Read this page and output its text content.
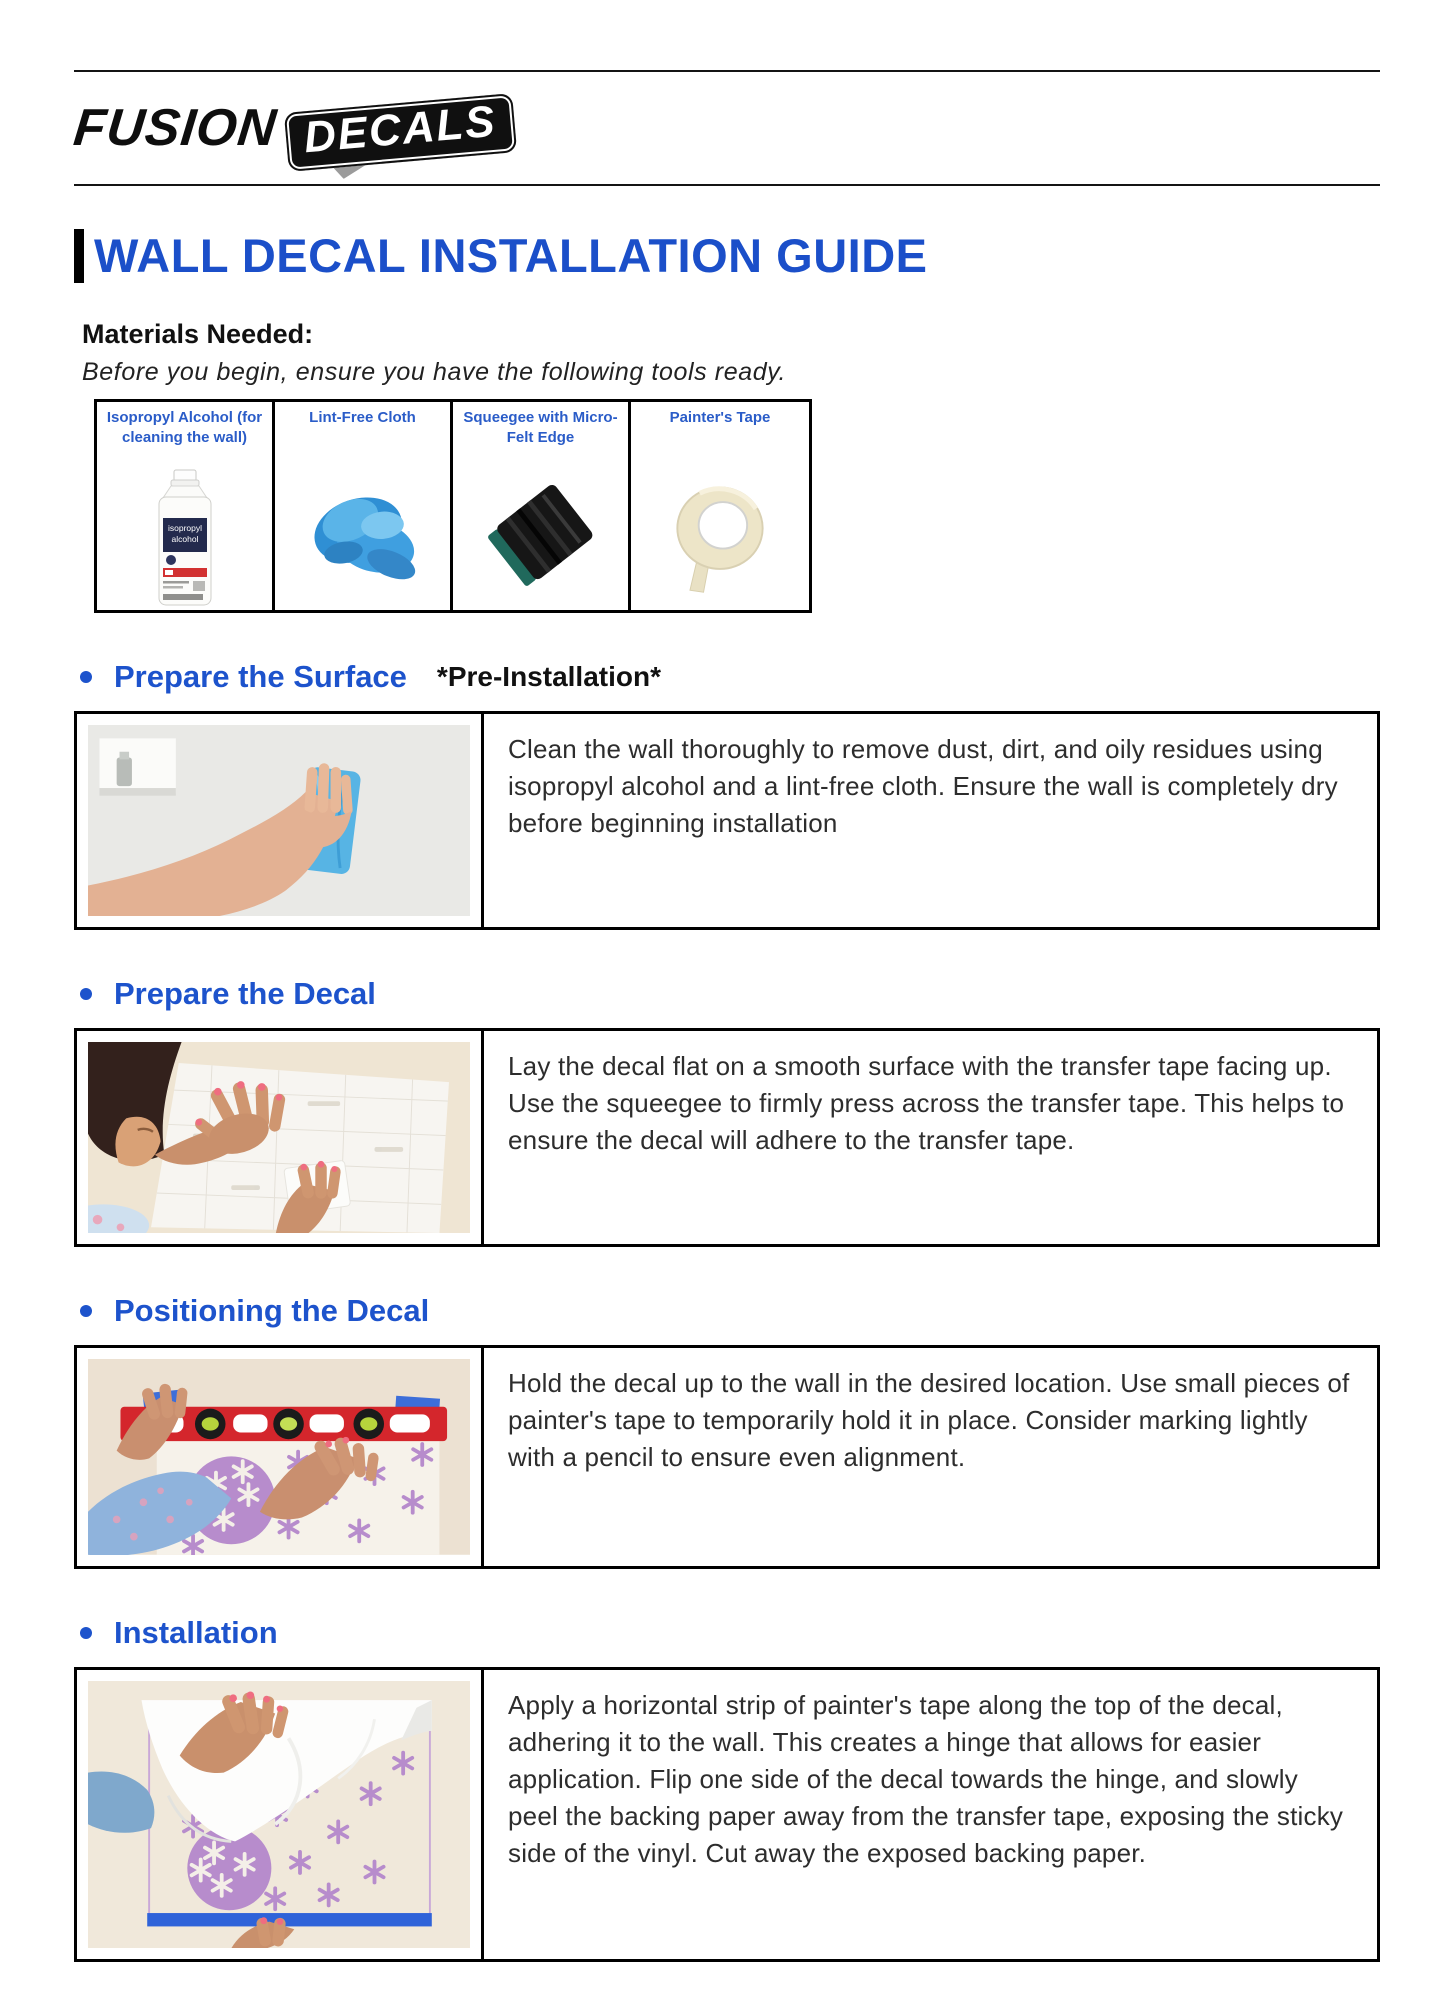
FUSION DECALS
WALL DECAL INSTALLATION GUIDE
Materials Needed:
Before you begin, ensure you have the following tools ready.
Isopropyl Alcohol (for cleaning the wall)
isopropyl
alcohol
Lint-Free Cloth	Squeegee with Micro-Felt Edge
Painter's Tape
Prepare the Surface *Pre-Installation*
Clean the wall thoroughly to remove dust, dirt, and oily residues using isopropyl alcohol and a lint-free cloth. Ensure the wall is completely dry before beginning installation
Prepare the Decal
Lay the decal flat on a smooth surface with the transfer tape facing up. Use the squeegee to firmly press across the transfer tape. This helps to ensure the decal will adhere to the transfer tape.
Positioning the Decal
Hold the decal up to the wall in the desired location. Use small pieces of painter's tape to temporarily hold it in place. Consider marking lightly with a pencil to ensure even alignment.
Installation
Apply a horizontal strip of painter's tape along the top of the decal, adhering it to the wall. This creates a hinge that allows for easier application. Flip one side of the decal towards the hinge, and slowly peel the backing paper away from the transfer tape, exposing the sticky side of the vinyl. Cut away the exposed backing paper.
